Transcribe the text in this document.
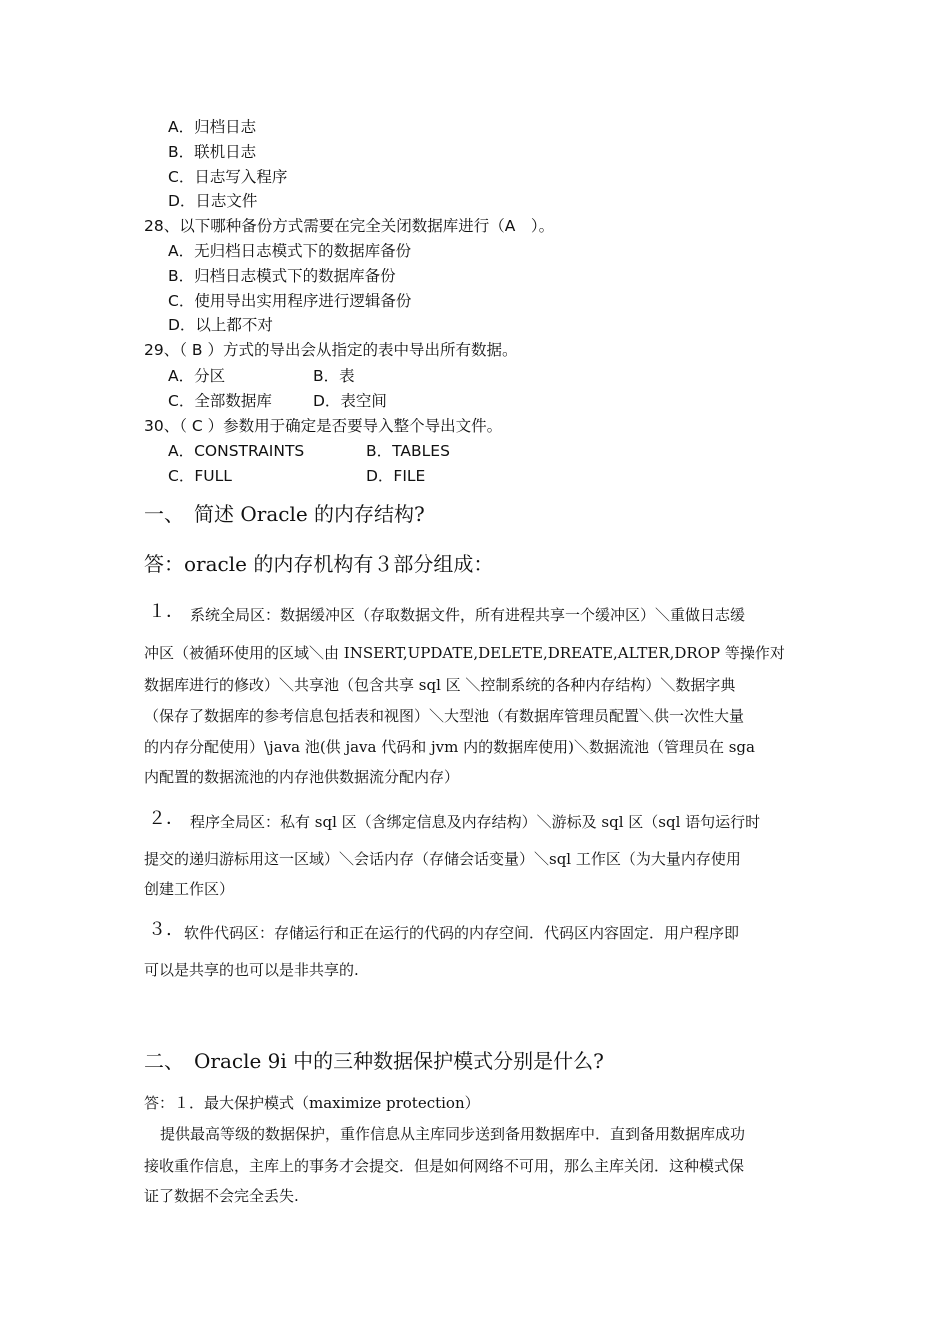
A．归档日志
B．联机日志
C．日志写入程序
D．日志文件
28、以下哪种备份方式需要在完全关闭数据库进行（A　）。
A．无归档日志模式下的数据库备份
B．归档日志模式下的数据库备份
C．使用导出实用程序进行逻辑备份
D．以上都不对
29、（ B ）方式的导出会从指定的表中导出所有数据。
A．分区	B．表
C．全部数据库	D．表空间
30、（ C ）参数用于确定是否要导入整个导出文件。
A．CONSTRAINTS	B．TABLES
C．FULL	D．FILE
一、　简述 Oracle 的内存结构?
答：oracle 的内存机构有３部分组成：
１． 系统全局区：数据缓冲区（存取数据文件，所有进程共享一个缓冲区）＼重做日志缓
冲区（被循环使用的区域＼由 INSERT,UPDATE,DELETE,DREATE,ALTER,DROP 等操作对
数据库进行的修改）＼共享池（包含共享 sql 区 ＼控制系统的各种内存结构）＼数据字典
（保存了数据库的参考信息包括表和视图）＼大型池（有数据库管理员配置＼供一次性大量
的内存分配使用）\java 池(供 java 代码和 jvm 内的数据库使用)＼数据流池（管理员在 sga
内配置的数据流池的内存池供数据流分配内存）
２． 程序全局区：私有 sql 区（含绑定信息及内存结构）＼游标及 sql 区（sql 语句运行时
提交的递归游标用这一区域）＼会话内存（存储会话变量）＼sql 工作区（为大量内存使用
创建工作区）
３. 软件代码区：存储运行和正在运行的代码的内存空间．代码区内容固定．用户程序即
可以是共享的也可以是非共享的.
二、　Oracle 9i 中的三种数据保护模式分别是什么?
答：１．最大保护模式（maximize protection）
提供最高等级的数据保护，重作信息从主库同步送到备用数据库中．直到备用数据库成功
接收重作信息，主库上的事务才会提交．但是如何网络不可用，那么主库关闭．这种模式保
证了数据不会完全丢失.
